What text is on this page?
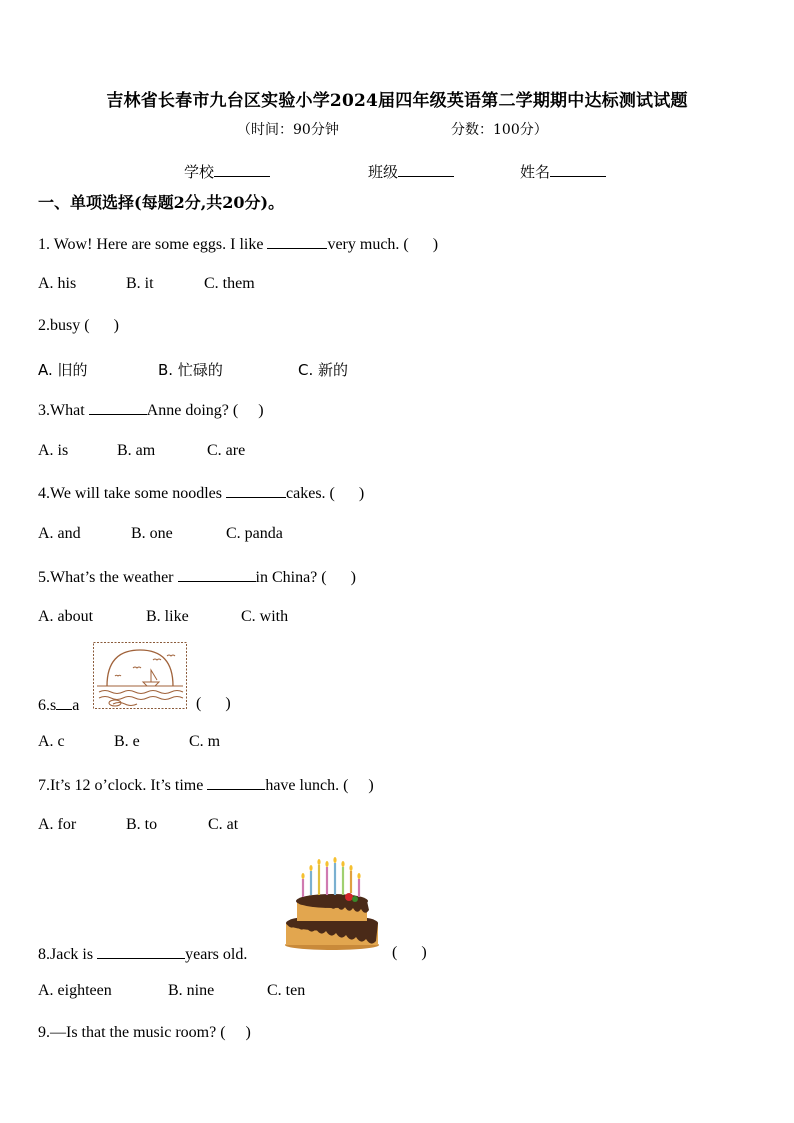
吉林省长春市九台区实验小学2024届四年级英语第二学期期中达标测试试题
（时间：90分钟	分数：100分）
学校	班级	姓名
一、单项选择(每题2分,共20分)。
1. Wow! Here are some eggs. I like	very much. ( )
A. his	B. it	C. them
2.busy ( )
A. 旧的	B. 忙碌的	C. 新的
3.What	Anne doing? ( )
A. is	B. am	C. are
4.We will take some noodles	cakes. ( )
A. and	B. one	C. panda
5.What’s the weather	in China? ( )
A. about	B. like	C. with
6.s a	( )
A. c	B. e	C. m
7.It’s 12 o’clock. It’s time	have lunch. ( )
A. for	B. to	C. at
8.Jack is	years old.	( )
A. eighteen	B. nine	C. ten
9.—Is that the music room? ( )
